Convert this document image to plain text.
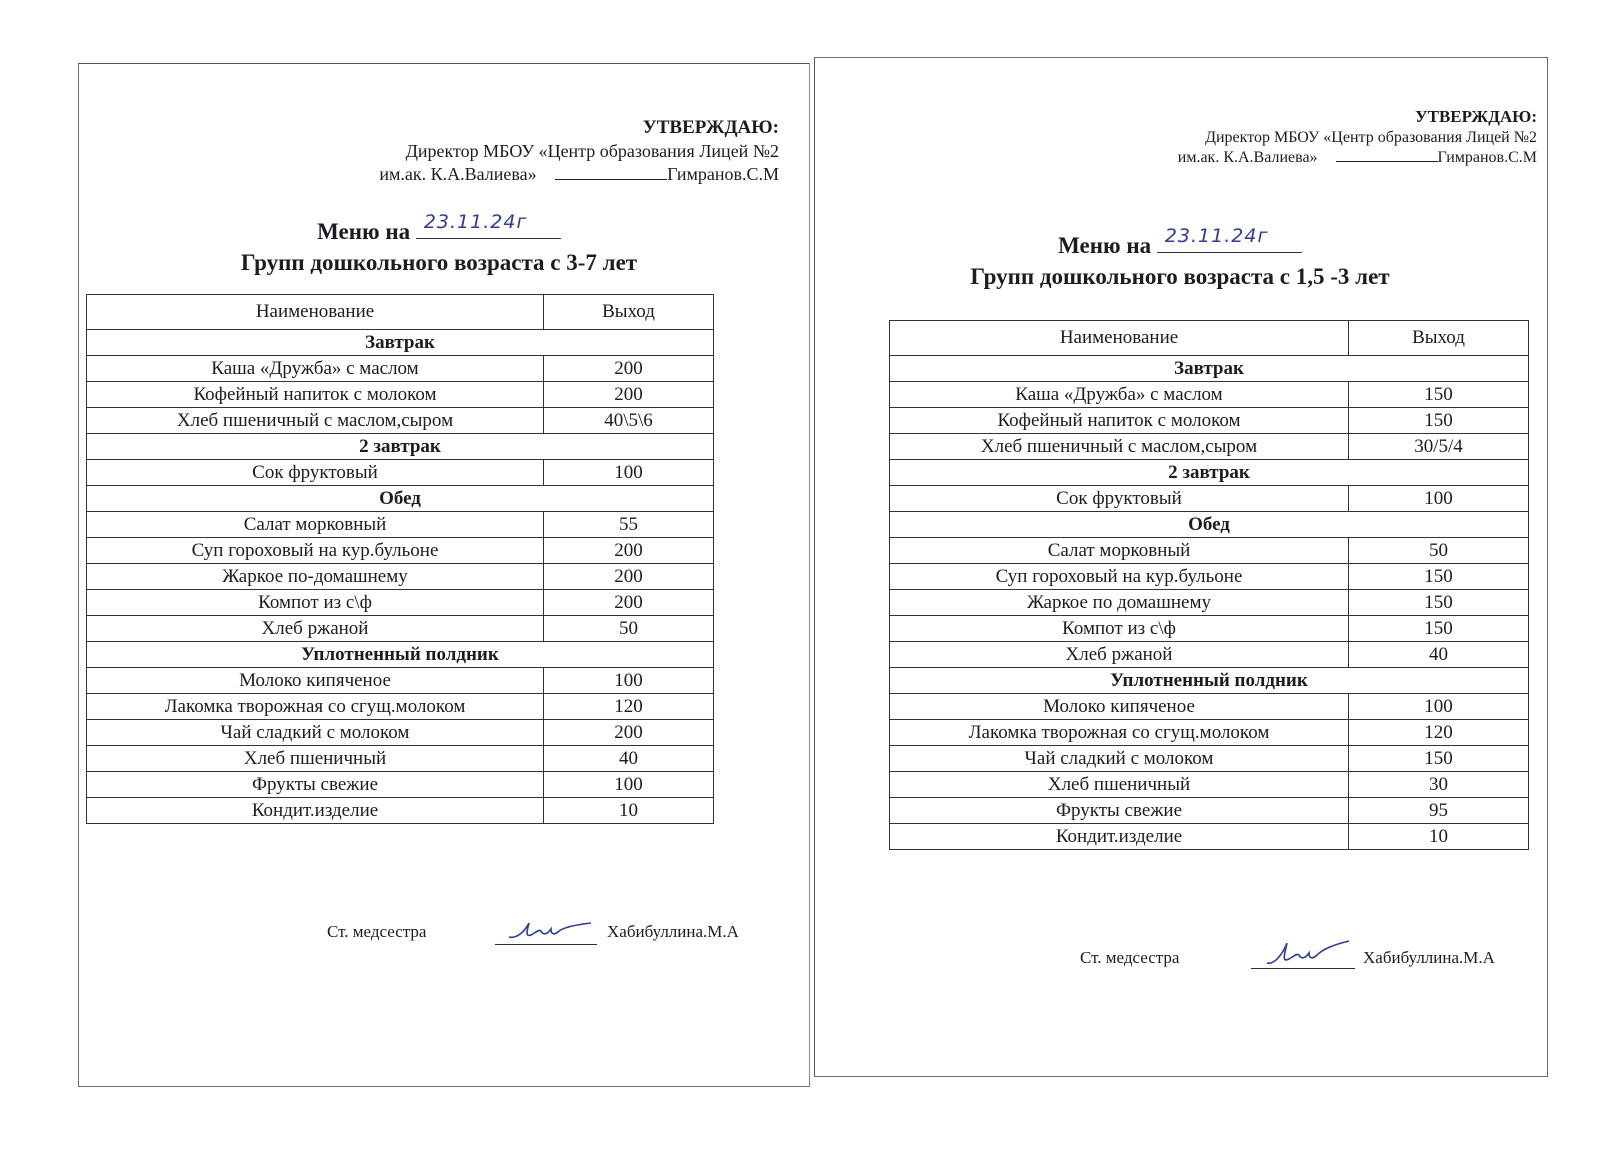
УТВЕРЖДАЮ:
Директор МБОУ «Центр образования Лицей №2
им.ак. К.А.Валиева»	Гимранов.С.М
Меню на 23.11.24г
Групп дошкольного возраста с 3-7 лет
Наименование	Выход
Завтрак	
Каша «Дружба» с маслом	200
Кофейный напиток с молоком	200
Хлеб пшеничный с маслом,сыром	40\5\6
2 завтрак	
Сок фруктовый	100
Обед	
Салат морковный	55
Суп гороховый на кур.бульоне	200
Жаркое по-домашнему	200
Компот из с\ф	200
Хлеб ржаной	50
Уплотненный полдник	
Молоко кипяченое	100
Лакомка творожная со сгущ.молоком	120
Чай сладкий с молоком	200
Хлеб пшеничный	40
Фрукты свежие	100
Кондит.изделие	10
Ст. медсестра	Хабибуллина.М.А
УТВЕРЖДАЮ:
Директор МБОУ «Центр образования Лицей №2
им.ак. К.А.Валиева»	Гимранов.С.М
Меню на 23.11.24г
Групп дошкольного возраста с 1,5 -3 лет
Наименование	Выход
Завтрак	
Каша «Дружба» с маслом	150
Кофейный напиток с молоком	150
Хлеб пшеничный с маслом,сыром	30/5/4
2 завтрак	
Сок фруктовый	100
Обед	
Салат морковный	50
Суп гороховый на кур.бульоне	150
Жаркое по домашнему	150
Компот из с\ф	150
Хлеб ржаной	40
Уплотненный полдник	
Молоко кипяченое	100
Лакомка творожная со сгущ.молоком	120
Чай сладкий с молоком	150
Хлеб пшеничный	30
Фрукты свежие	95
Кондит.изделие	10
Ст. медсестра	Хабибуллина.М.А
